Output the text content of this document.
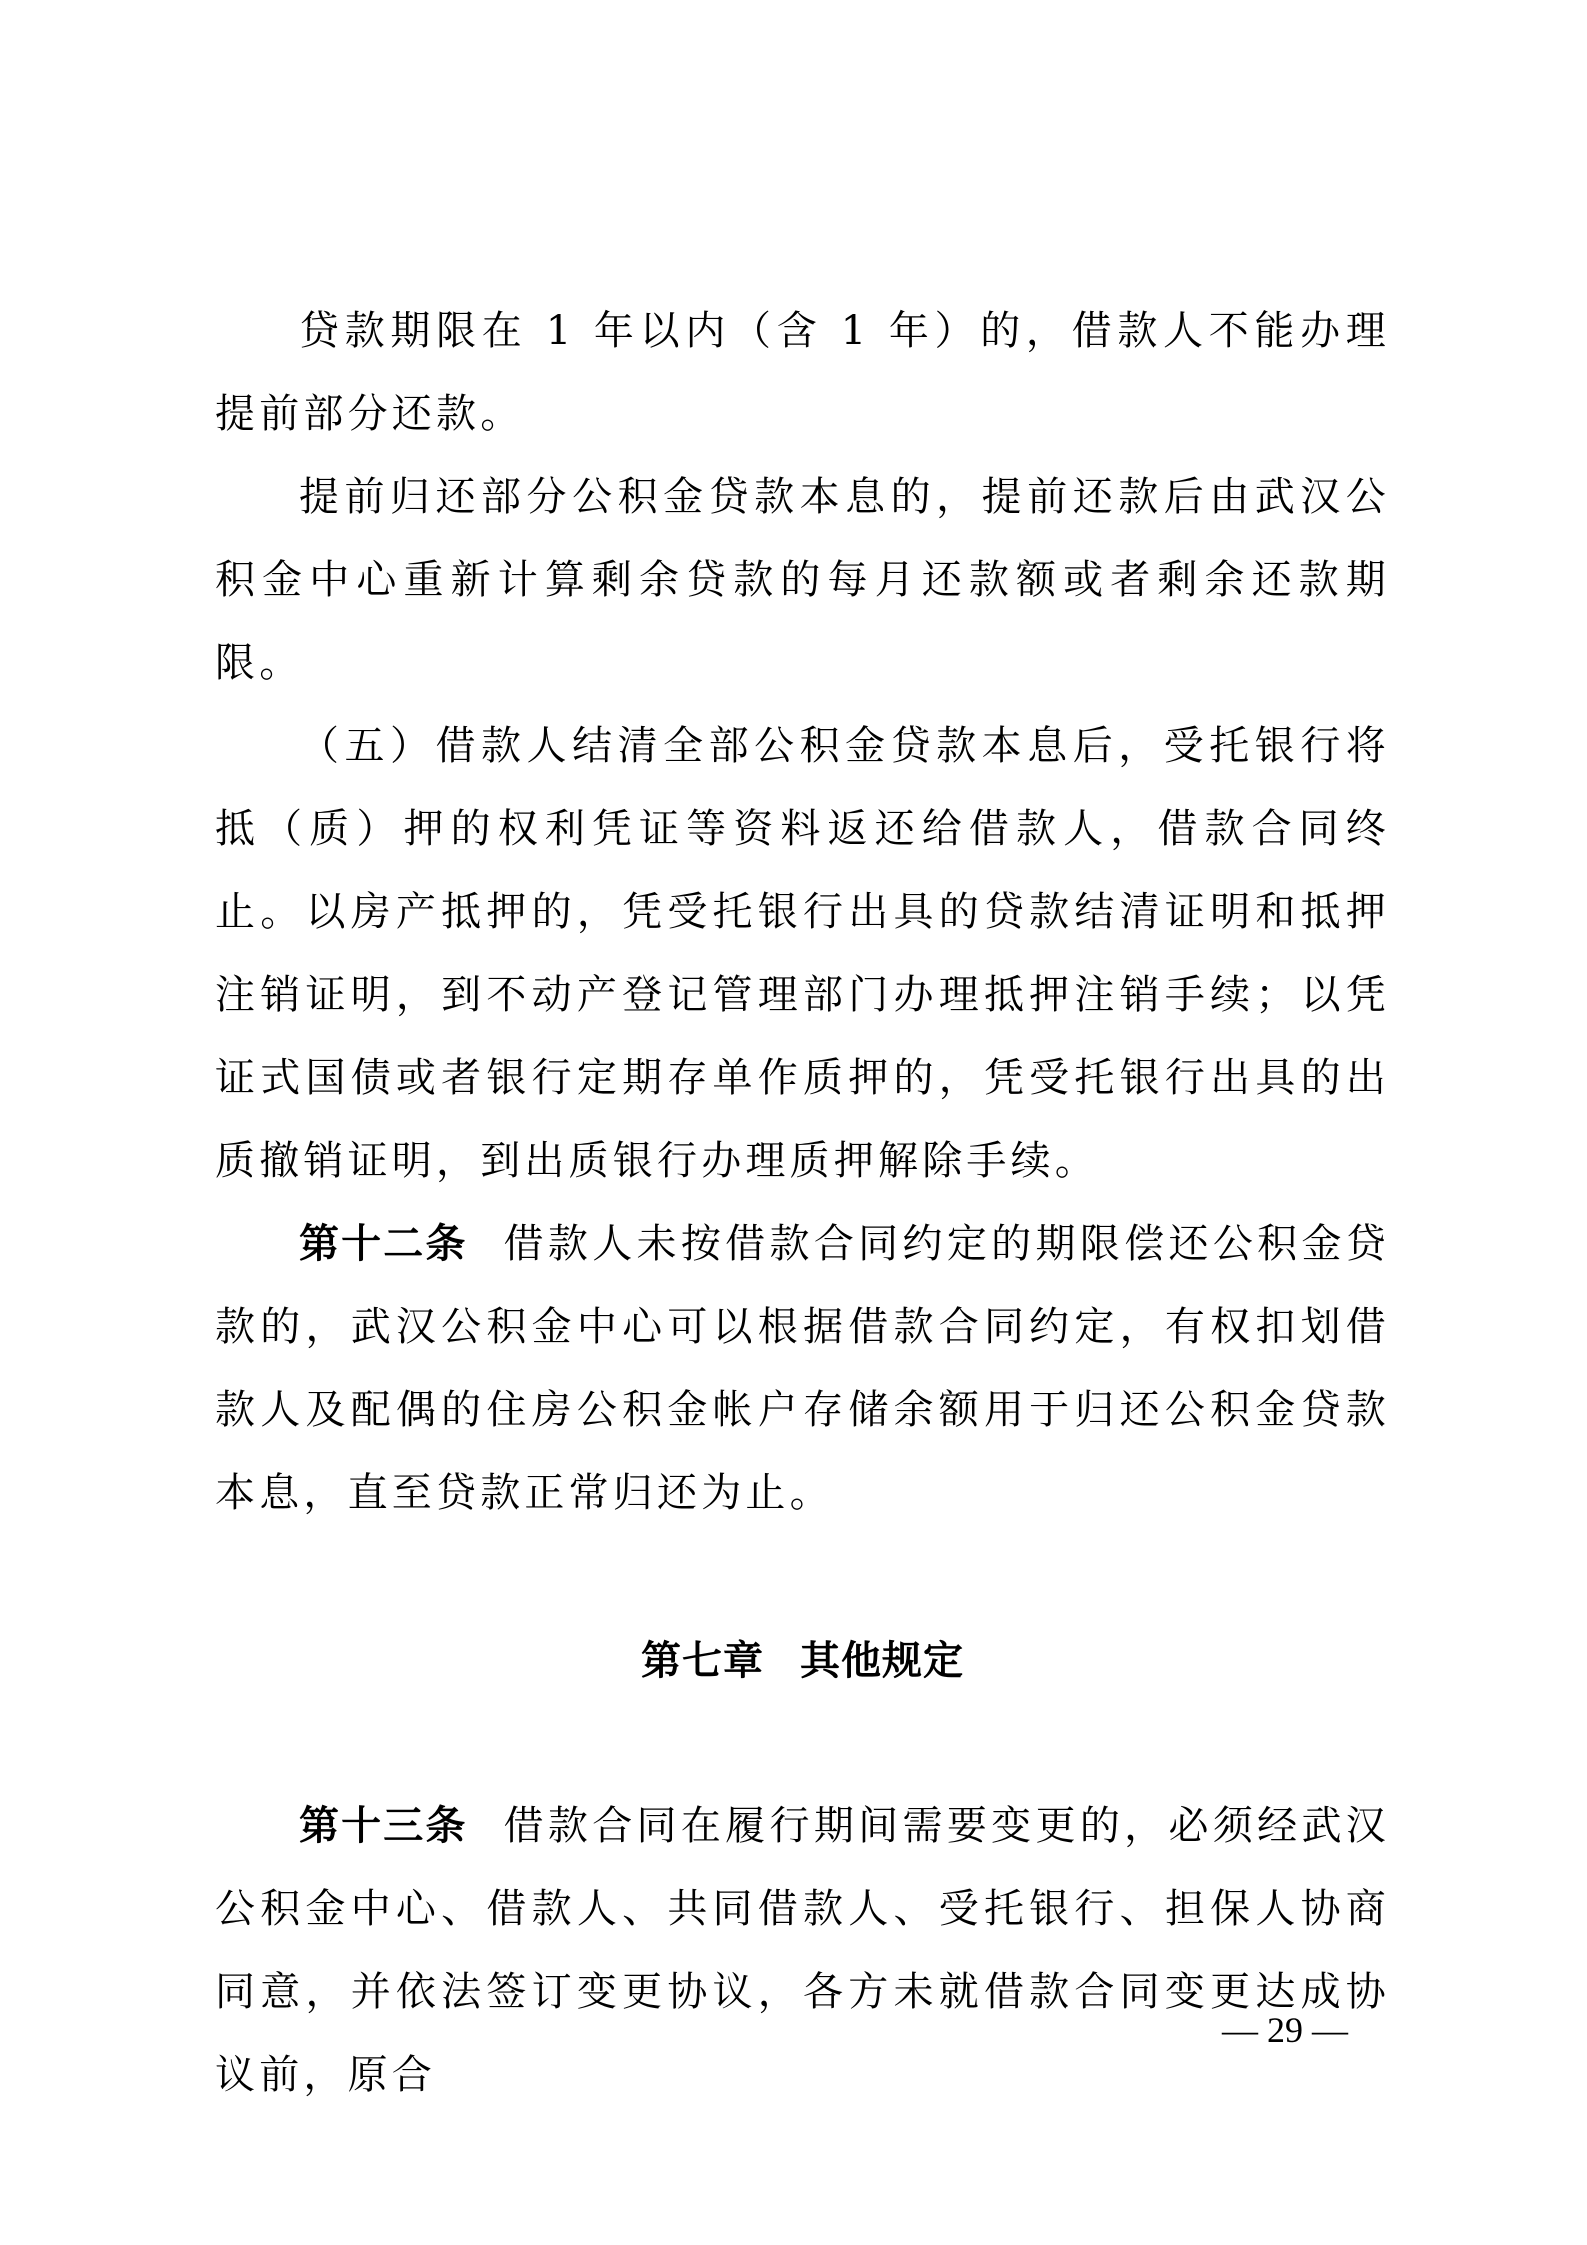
贷款期限在 1 年以内（含 1 年）的，借款人不能办理提前部分还款。

提前归还部分公积金贷款本息的，提前还款后由武汉公积金中心重新计算剩余贷款的每月还款额或者剩余还款期限。

（五）借款人结清全部公积金贷款本息后，受托银行将抵（质）押的权利凭证等资料返还给借款人，借款合同终止。以房产抵押的，凭受托银行出具的贷款结清证明和抵押注销证明，到不动产登记管理部门办理抵押注销手续；以凭证式国债或者银行定期存单作质押的，凭受托银行出具的出质撤销证明，到出质银行办理质押解除手续。

第十二条 借款人未按借款合同约定的期限偿还公积金贷款的，武汉公积金中心可以根据借款合同约定，有权扣划借款人及配偶的住房公积金帐户存储余额用于归还公积金贷款本息，直至贷款正常归还为止。

第七章 其他规定

第十三条 借款合同在履行期间需要变更的，必须经武汉公积金中心、借款人、共同借款人、受托银行、担保人协商同意，并依法签订变更协议，各方未就借款合同变更达成协议前，原合

— 29 —
